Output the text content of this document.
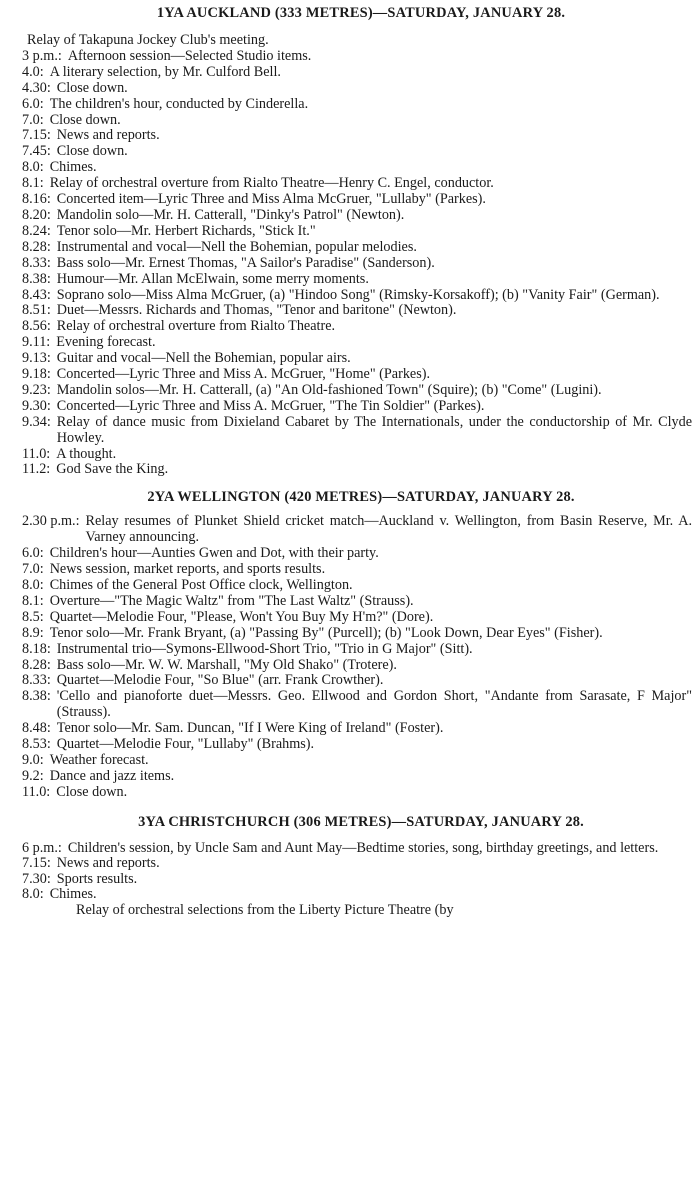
1YA AUCKLAND (333 METRES)—SATURDAY, JANUARY 28.
Relay of Takapuna Jockey Club's meeting.
3 p.m.: Afternoon session—Selected Studio items.
4.0: A literary selection, by Mr. Culford Bell.
4.30: Close down.
6.0: The children's hour, conducted by Cinderella.
7.0: Close down.
7.15: News and reports.
7.45: Close down.
8.0: Chimes.
8.1: Relay of orchestral overture from Rialto Theatre—Henry C. Engel, conductor.
8.16: Concerted item—Lyric Three and Miss Alma McGruer, "Lullaby" (Parkes).
8.20: Mandolin solo—Mr. H. Catterall, "Dinky's Patrol" (Newton).
8.24: Tenor solo—Mr. Herbert Richards, "Stick It."
8.28: Instrumental and vocal—Nell the Bohemian, popular melodies.
8.33: Bass solo—Mr. Ernest Thomas, "A Sailor's Paradise" (Sanderson).
8.38: Humour—Mr. Allan McElwain, some merry moments.
8.43: Soprano solo—Miss Alma McGruer, (a) "Hindoo Song" (Rimsky-Korsakoff); (b) "Vanity Fair" (German).
8.51: Duet—Messrs. Richards and Thomas, "Tenor and baritone" (Newton).
8.56: Relay of orchestral overture from Rialto Theatre.
9.11: Evening forecast.
9.13: Guitar and vocal—Nell the Bohemian, popular airs.
9.18: Concerted—Lyric Three and Miss A. McGruer, "Home" (Parkes).
9.23: Mandolin solos—Mr. H. Catterall, (a) "An Old-fashioned Town" (Squire); (b) "Come" (Lugini).
9.30: Concerted—Lyric Three and Miss A. McGruer, "The Tin Soldier" (Parkes).
9.34: Relay of dance music from Dixieland Cabaret by The Internationals, under the conductorship of Mr. Clyde Howley.
11.0: A thought.
11.2: God Save the King.
2YA WELLINGTON (420 METRES)—SATURDAY, JANUARY 28.
2.30 p.m.: Relay resumes of Plunket Shield cricket match—Auckland v. Wellington, from Basin Reserve, Mr. A. Varney announcing.
6.0: Children's hour—Aunties Gwen and Dot, with their party.
7.0: News session, market reports, and sports results.
8.0: Chimes of the General Post Office clock, Wellington.
8.1: Overture—"The Magic Waltz" from "The Last Waltz" (Strauss).
8.5: Quartet—Melodie Four, "Please, Won't You Buy My H'm?" (Dore).
8.9: Tenor solo—Mr. Frank Bryant, (a) "Passing By" (Purcell); (b) "Look Down, Dear Eyes" (Fisher).
8.18: Instrumental trio—Symons-Ellwood-Short Trio, "Trio in G Major" (Sitt).
8.28: Bass solo—Mr. W. W. Marshall, "My Old Shako" (Trotere).
8.33: Quartet—Melodie Four, "So Blue" (arr. Frank Crowther).
8.38: 'Cello and pianoforte duet—Messrs. Geo. Ellwood and Gordon Short, "Andante from Sarasate, F Major" (Strauss).
8.48: Tenor solo—Mr. Sam. Duncan, "If I Were King of Ireland" (Foster).
8.53: Quartet—Melodie Four, "Lullaby" (Brahms).
9.0: Weather forecast.
9.2: Dance and jazz items.
11.0: Close down.
3YA CHRISTCHURCH (306 METRES)—SATURDAY, JANUARY 28.
6 p.m.: Children's session, by Uncle Sam and Aunt May—Bedtime stories, song, birthday greetings, and letters.
7.15: News and reports.
7.30: Sports results.
8.0: Chimes.
Relay of orchestral selections from the Liberty Picture Theatre (by
